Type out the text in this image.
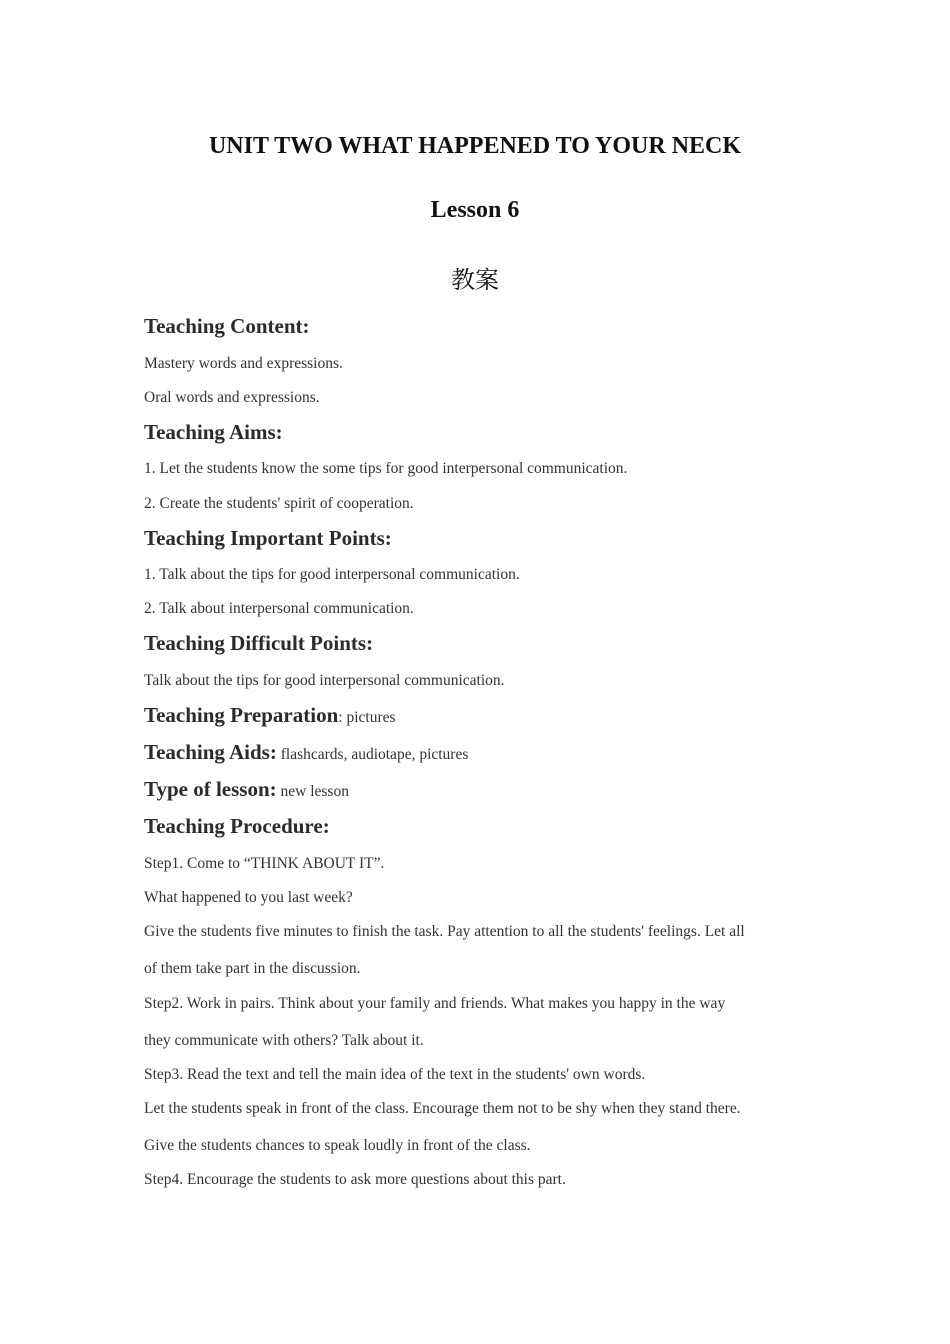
UNIT TWO WHAT HAPPENED TO YOUR NECK
Lesson 6
教案
Teaching Content:
Mastery words and expressions.
Oral words and expressions.
Teaching Aims:
1. Let the students know the some tips for good interpersonal communication.
2. Create the students' spirit of cooperation.
Teaching Important Points:
1. Talk about the tips for good interpersonal communication.
2. Talk about interpersonal communication.
Teaching Difficult Points:
Talk about the tips for good interpersonal communication.
Teaching Preparation: pictures
Teaching Aids: flashcards, audiotape, pictures
Type of lesson: new lesson
Teaching Procedure:
Step1. Come to “THINK ABOUT IT”.
What happened to you last week?
Give the students five minutes to finish the task. Pay attention to all the students' feelings. Let all
of them take part in the discussion.
Step2. Work in pairs. Think about your family and friends. What makes you happy in the way
they communicate with others? Talk about it.
Step3. Read the text and tell the main idea of the text in the students' own words.
Let the students speak in front of the class. Encourage them not to be shy when they stand there.
Give the students chances to speak loudly in front of the class.
Step4. Encourage the students to ask more questions about this part.
